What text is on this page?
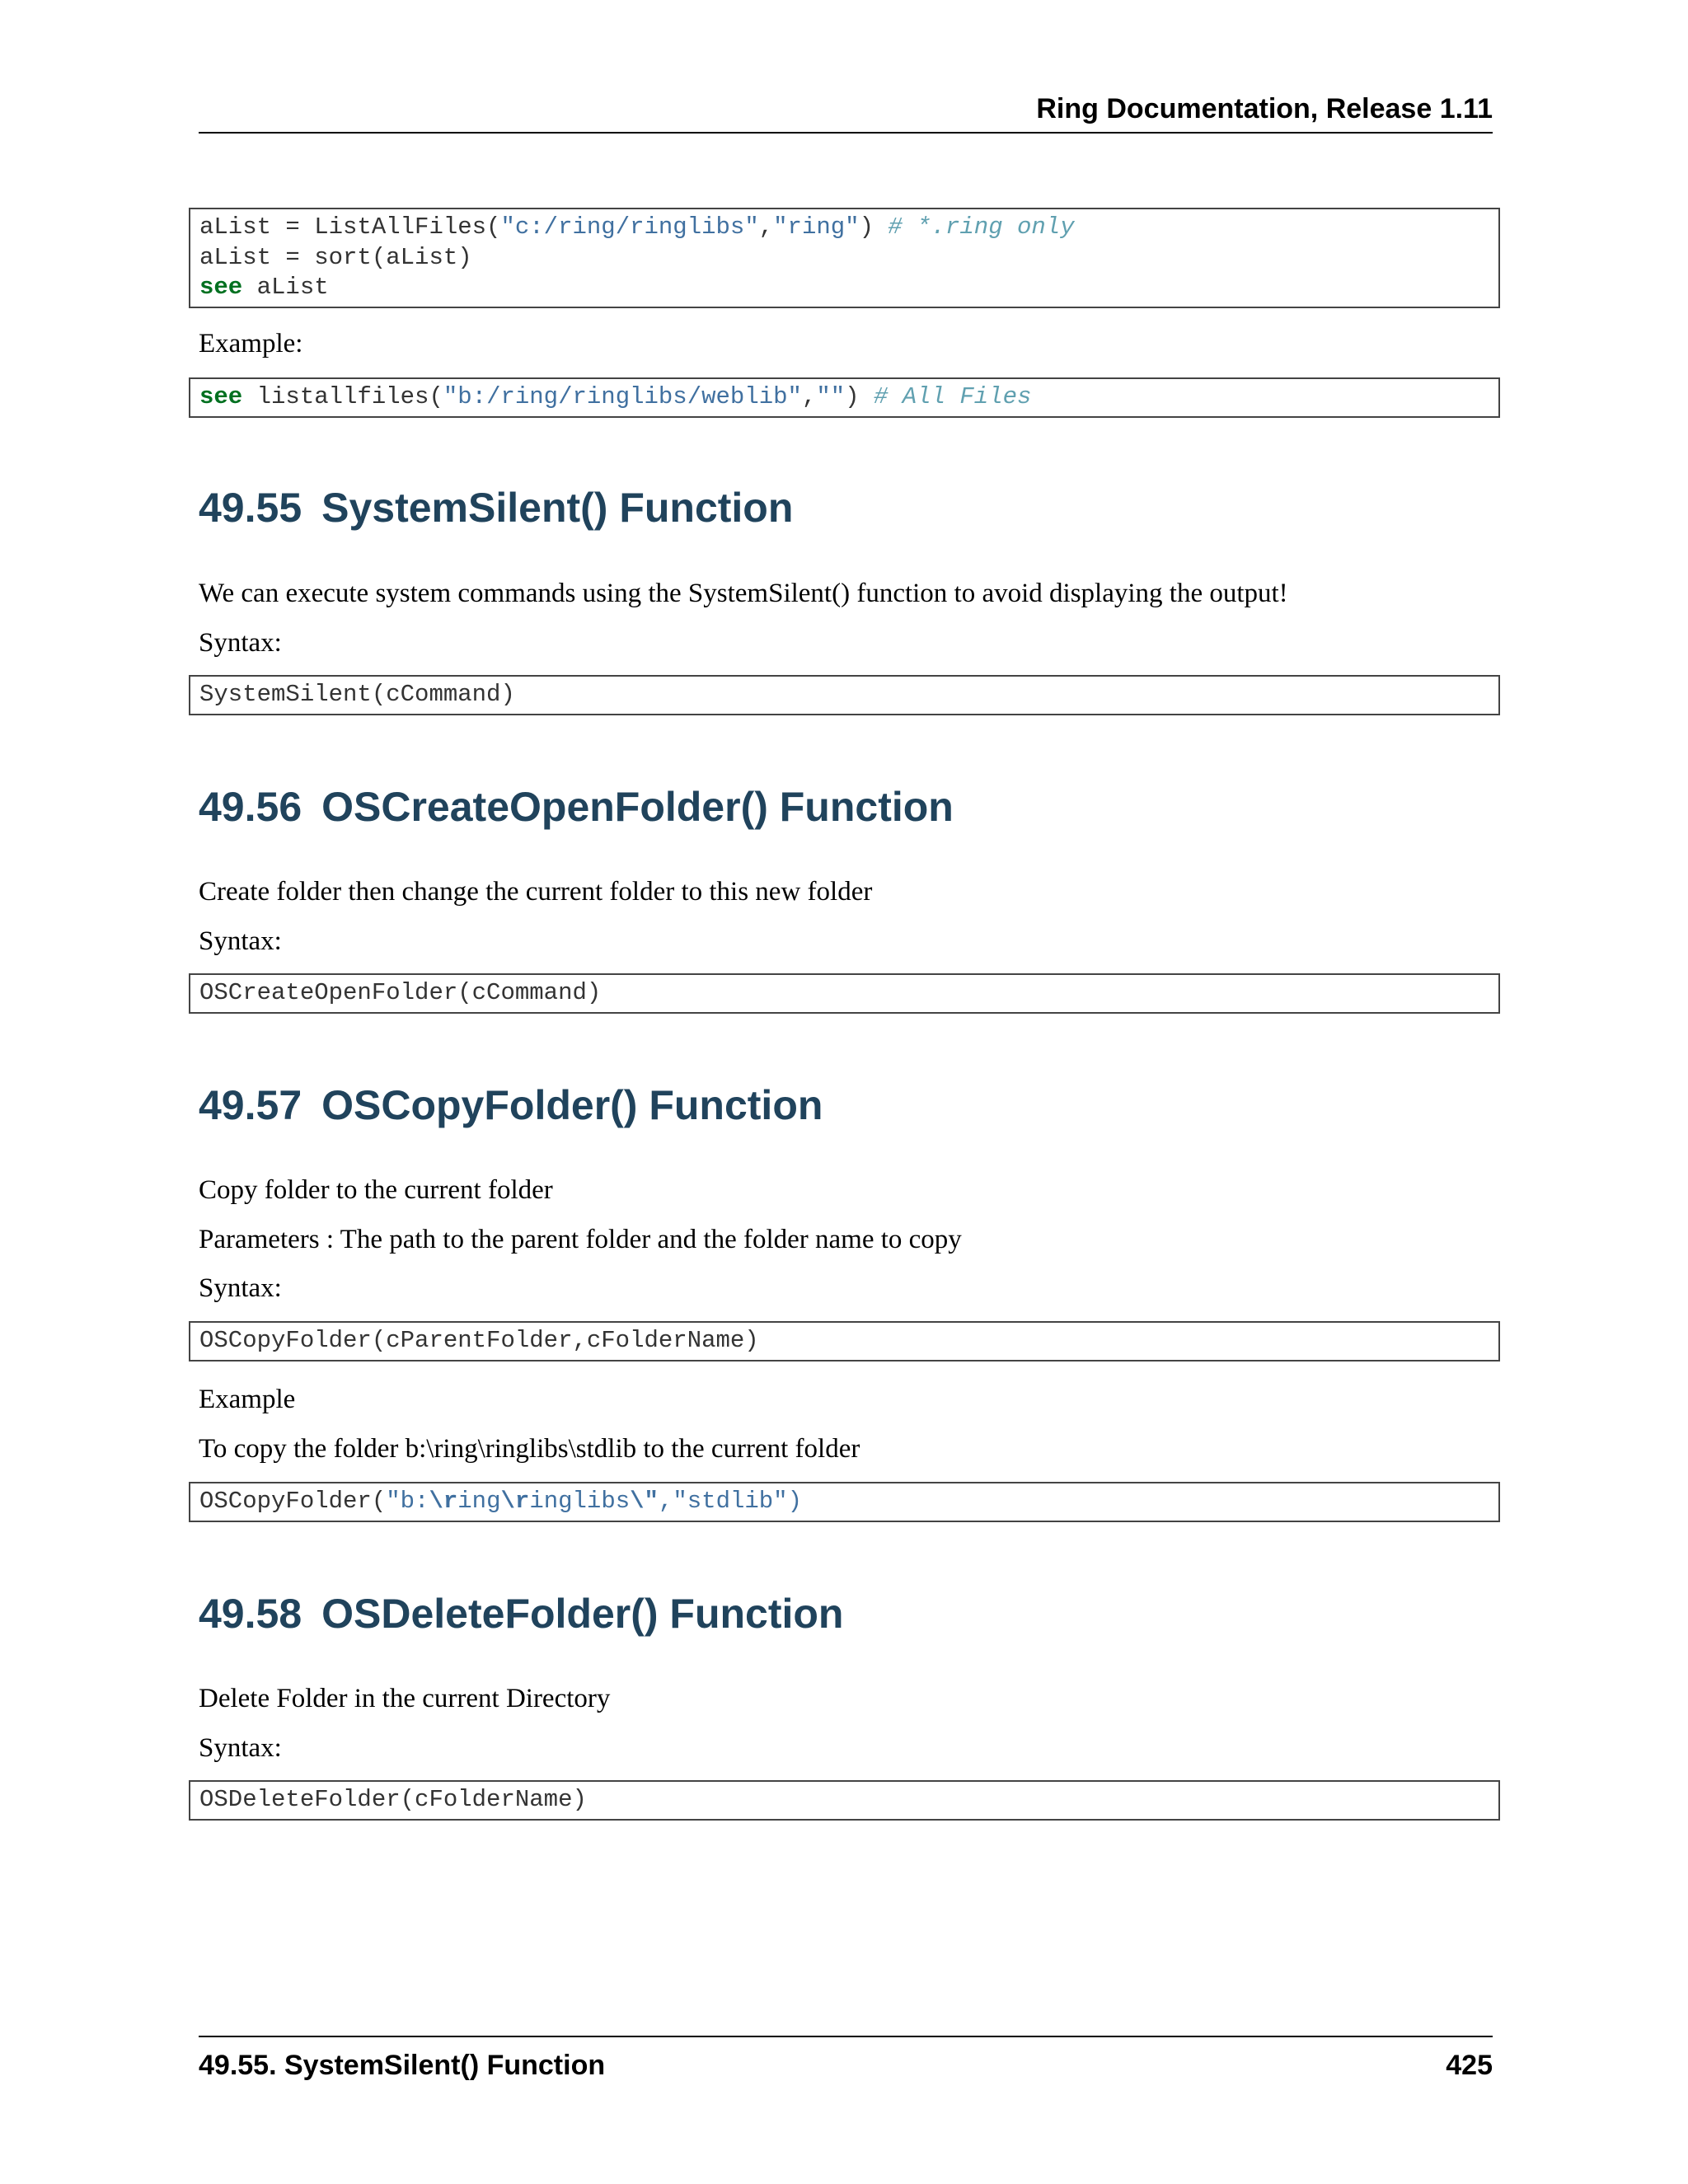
Ring Documentation, Release 1.11
aList = ListAllFiles("c:/ring/ringlibs","ring") # *.ring only
aList = sort(aList)
see aList
Example:
see listallfiles("b:/ring/ringlibs/weblib","") # All Files
49.55 SystemSilent() Function
We can execute system commands using the SystemSilent() function to avoid displaying the output!
Syntax:
SystemSilent(cCommand)
49.56 OSCreateOpenFolder() Function
Create folder then change the current folder to this new folder
Syntax:
OSCreateOpenFolder(cCommand)
49.57 OSCopyFolder() Function
Copy folder to the current folder
Parameters : The path to the parent folder and the folder name to copy
Syntax:
OSCopyFolder(cParentFolder,cFolderName)
Example
To copy the folder b:\ring\ringlibs\stdlib to the current folder
OSCopyFolder("b:\ring\ringlibs\","stdlib")
49.58 OSDeleteFolder() Function
Delete Folder in the current Directory
Syntax:
OSDeleteFolder(cFolderName)
49.55. SystemSilent() Function	425
